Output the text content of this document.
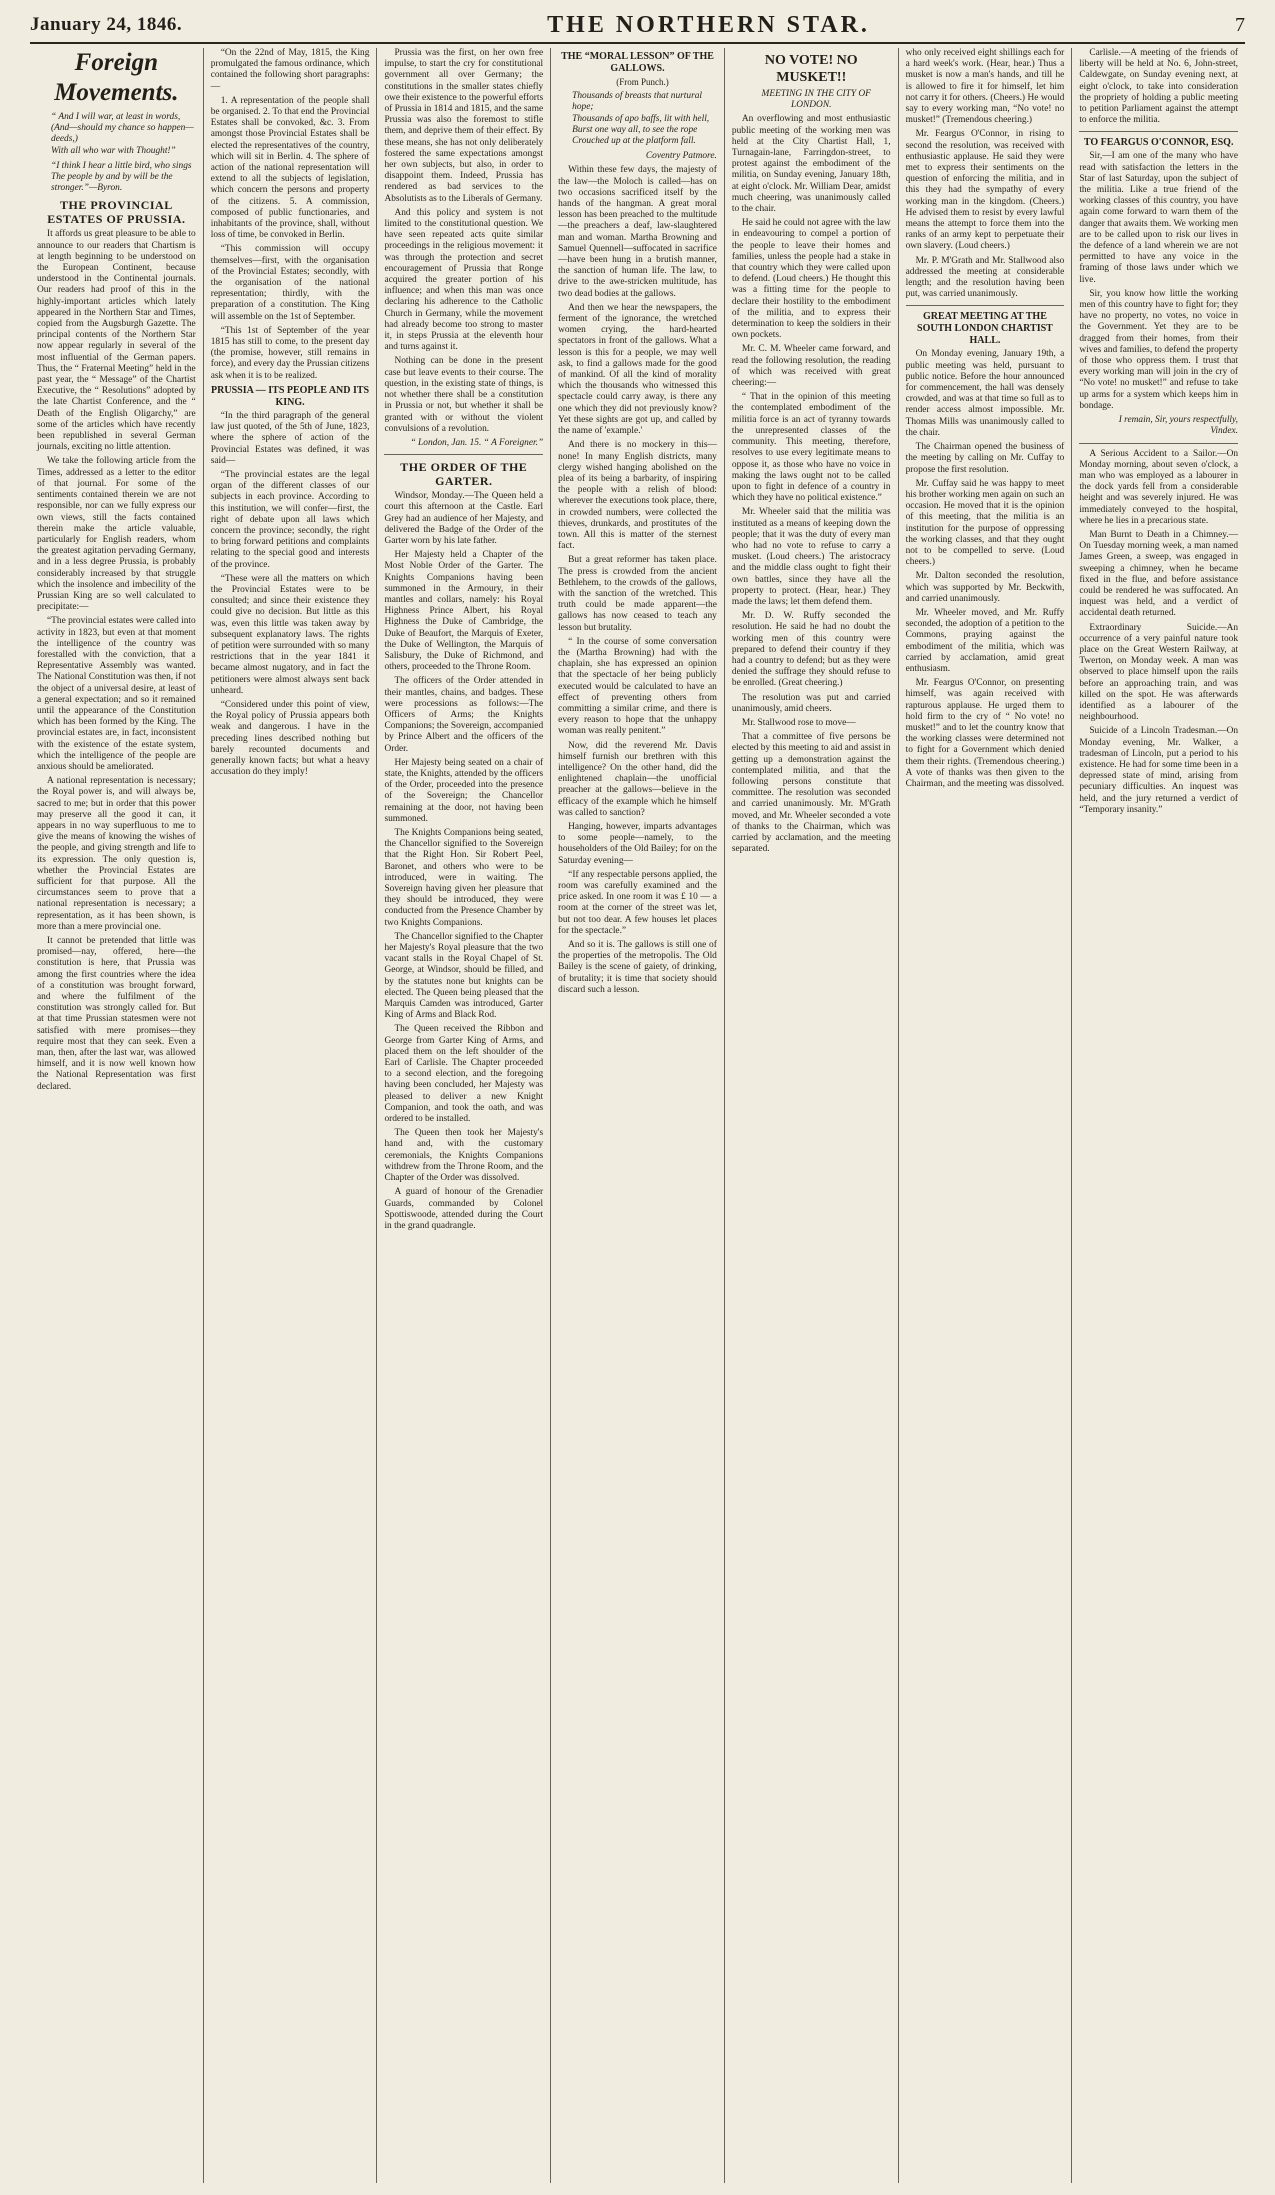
January 24, 1846.	THE NORTHERN STAR.	7
Foreign Movements.
“ And I will war, at least in words,
(And—should my chance so happen—deeds,)
With all who war with Thought!”
“I think I hear a little bird, who sings
The people by and by will be the stronger.”—Byron.
THE PROVINCIAL ESTATES OF PRUSSIA.

It affords us great pleasure to be able to announce to our readers that Chartism is at length beginning to be understood on the European Continent, because understood in the Continental journals. Our readers had proof of this in the highly-important articles which lately appeared in the Northern Star and Times, copied from the Augsburgh Gazette. The principal contents of the Northern Star now appear regularly in several of the most influential of the German papers. Thus, the “ Fraternal Meeting” held in the past year, the “ Message” of the Chartist Executive, the “ Resolutions” adopted by the late Chartist Conference, and the “ Death of the English Oligarchy,” are some of the articles which have recently been republished in several German journals, exciting no little attention.

We take the following article from the Times, addressed as a letter to the editor of that journal. For some of the sentiments contained therein we are not responsible, nor can we fully express our own views, still the facts contained therein make the article valuable, particularly for English readers, whom the greatest agitation pervading Germany, and in a less degree Prussia, is probably considerably increased by that struggle which the insolence and imbecility of the Prussian King are so well calculated to precipitate:—

“The provincial estates were called into activity in 1823, but even at that moment the intelligence of the country was forestalled with the conviction, that a Representative Assembly was wanted. The National Constitution was then, if not the object of a universal desire, at least of a general expectation; and so it remained until the appearance of the Constitution which has been formed by the King. The provincial estates are, in fact, inconsistent with the existence of the estate system, which the intelligence of the people are anxious should be ameliorated.

A national representation is necessary; the Royal power is, and will always be, sacred to me; but in order that this power may preserve all the good it can, it appears in no way superfluous to me to give the means of knowing the wishes of the people, and giving strength and life to its expression. The only question is, whether the Provincial Estates are sufficient for that purpose. All the circumstances seem to prove that a national representation is necessary; a representation, as it has been shown, is more than a mere provincial one.

It cannot be pretended that little was promised—nay, offered, here—the constitution is here, that Prussia was among the first countries where the idea of a constitution was brought forward, and where the fulfilment of the constitution was strongly called for. But at that time Prussian statesmen were not satisfied with mere promises—they require most that they can seek. Even a man, then, after the last war, was allowed himself, and it is now well known how the National Representation was first declared.

“On the 22nd of May, 1815, the King promulgated the famous ordinance, which contained the following short paragraphs:—

1. A representation of the people shall be organised. 2. To that end the Provincial Estates shall be convoked, &c. 3. From amongst those Provincial Estates shall be elected the representatives of the country, which will sit in Berlin. 4. The sphere of action of the national representation will extend to all the subjects of legislation, which concern the persons and property of the citizens. 5. A commission, composed of public functionaries, and inhabitants of the province, shall, without loss of time, be convoked in Berlin.

“This commission will occupy themselves—first, with the organisation of the Provincial Estates; secondly, with the organisation of the national representation; thirdly, with the preparation of a constitution. The King will assemble on the 1st of September.

“This 1st of September of the year 1815 has still to come, to the present day (the promise, however, still remains in force), and every day the Prussian citizens ask when it is to be realized.

PRUSSIA — ITS PEOPLE AND ITS KING.

“In the third paragraph of the general law just quoted, of the 5th of June, 1823, where the sphere of action of the Provincial Estates was defined, it was said—

“The provincial estates are the legal organ of the different classes of our subjects in each province. According to this institution, we will confer—first, the right of debate upon all laws which concern the province; secondly, the right to bring forward petitions and complaints relating to the special good and interests of the province.

“These were all the matters on which the Provincial Estates were to be consulted; and since their existence they could give no decision. But little as this was, even this little was taken away by subsequent explanatory laws. The rights of petition were surrounded with so many restrictions that in the year 1841 it became almost nugatory, and in fact the petitioners were almost always sent back unheard.

“Considered under this point of view, the Royal policy of Prussia appears both weak and dangerous. I have in the preceding lines described nothing but barely recounted documents and generally known facts; but what a heavy accusation do they imply!

Prussia was the first, on her own free impulse, to start the cry for constitutional government all over Germany; the constitutions in the smaller states chiefly owe their existence to the powerful efforts of Prussia in 1814 and 1815, and the same Prussia was also the foremost to stifle them, and deprive them of their effect. By these means, she has not only deliberately fostered the same expectations amongst her own subjects, but also, in order to disappoint them. Indeed, Prussia has rendered as bad services to the Absolutists as to the Liberals of Germany.

And this policy and system is not limited to the constitutional question. We have seen repeated acts quite similar proceedings in the religious movement: it was through the protection and secret encouragement of Prussia that Ronge acquired the greater portion of his influence; and when this man was once declaring his adherence to the Catholic Church in Germany, while the movement had already become too strong to master it, in steps Prussia at the eleventh hour and turns against it.

Nothing can be done in the present case but leave events to their course. The question, in the existing state of things, is not whether there shall be a constitution in Prussia or not, but whether it shall be granted with or without the violent convulsions of a revolution.

“ London, Jan. 15. “ A Foreigner.”

THE ORDER OF THE GARTER.

Windsor, Monday.—The Queen held a court this afternoon at the Castle. Earl Grey had an audience of her Majesty, and delivered the Badge of the Order of the Garter worn by his late father.

Her Majesty held a Chapter of the Most Noble Order of the Garter. The Knights Companions having been summoned in the Armoury, in their mantles and collars, namely: his Royal Highness Prince Albert, his Royal Highness the Duke of Cambridge, the Duke of Beaufort, the Marquis of Exeter, the Duke of Wellington, the Marquis of Salisbury, the Duke of Richmond, and others, proceeded to the Throne Room.

The officers of the Order attended in their mantles, chains, and badges. These were processions as follows:—The Officers of Arms; the Knights Companions; the Sovereign, accompanied by Prince Albert and the officers of the Order.

Her Majesty being seated on a chair of state, the Knights, attended by the officers of the Order, proceeded into the presence of the Sovereign; the Chancellor remaining at the door, not having been summoned.

The Knights Companions being seated, the Chancellor signified to the Sovereign that the Right Hon. Sir Robert Peel, Baronet, and others who were to be introduced, were in waiting. The Sovereign having given her pleasure that they should be introduced, they were conducted from the Presence Chamber by two Knights Companions.

The Chancellor signified to the Chapter her Majesty's Royal pleasure that the two vacant stalls in the Royal Chapel of St. George, at Windsor, should be filled, and by the statutes none but knights can be elected. The Queen being pleased that the Marquis Camden was introduced, Garter King of Arms and Black Rod.

The Queen received the Ribbon and George from Garter King of Arms, and placed them on the left shoulder of the Earl of Carlisle. The Chapter proceeded to a second election, and the foregoing having been concluded, her Majesty was pleased to deliver a new Knight Companion, and took the oath, and was ordered to be installed.

The Queen then took her Majesty's hand and, with the customary ceremonials, the Knights Companions withdrew from the Throne Room, and the Chapter of the Order was dissolved.

A guard of honour of the Grenadier Guards, commanded by Colonel Spottiswoode, attended during the Court in the grand quadrangle.

THE “MORAL LESSON” OF THE GALLOWS.

(From Punch.)

Thousands of breasts that nurtural hope;
Thousands of apo baffs, lit with hell,
Burst one way all, to see the rope
Crouched up at the platform fall.

Coventry Patmore.

Within these few days, the majesty of the law—the Moloch is called—has on two occasions sacrificed itself by the hands of the hangman. A great moral lesson has been preached to the multitude—the preachers a deaf, law-slaughtered man and woman. Martha Browning and Samuel Quennell—suffocated in sacrifice—have been hung in a brutish manner, the sanction of human life. The law, to drive to the awe-stricken multitude, has two dead bodies at the gallows.

And then we hear the newspapers, the ferment of the ignorance, the wretched women crying, the hard-hearted spectators in front of the gallows. What a lesson is this for a people, we may well ask, to find a gallows made for the good of mankind. Of all the kind of morality which the thousands who witnessed this spectacle could carry away, is there any one which they did not previously know? Yet these sights are got up, and called by the name of 'example.'

And there is no mockery in this—none! In many English districts, many clergy wished hanging abolished on the plea of its being a barbarity, of inspiring the people with a relish of blood: wherever the executions took place, there, in crowded numbers, were collected the thieves, drunkards, and prostitutes of the town. All this is matter of the sternest fact.

But a great reformer has taken place. The press is crowded from the ancient Bethlehem, to the crowds of the gallows, with the sanction of the wretched. This truth could be made apparent—the gallows has now ceased to teach any lesson but brutality.

“ In the course of some conversation the (Martha Browning) had with the chaplain, she has expressed an opinion that the spectacle of her being publicly executed would be calculated to have an effect of preventing others from committing a similar crime, and there is every reason to hope that the unhappy woman was really penitent.”

Now, did the reverend Mr. Davis himself furnish our brethren with this intelligence? On the other hand, did the enlightened chaplain—the unofficial preacher at the gallows—believe in the efficacy of the example which he himself was called to sanction?

Hanging, however, imparts advantages to some people—namely, to the householders of the Old Bailey; for on the Saturday evening—

“If any respectable persons applied, the room was carefully examined and the price asked. In one room it was £ 10 — a room at the corner of the street was let, but not too dear. A few houses let places for the spectacle.”

And so it is. The gallows is still one of the properties of the metropolis. The Old Bailey is the scene of gaiety, of drinking, of brutality; it is time that society should discard such a lesson.

NO VOTE! NO MUSKET!!

MEETING IN THE CITY OF LONDON.

An overflowing and most enthusiastic public meeting of the working men was held at the City Chartist Hall, 1, Turnagain-lane, Farringdon-street, to protest against the embodiment of the militia, on Sunday evening, January 18th, at eight o'clock. Mr. William Dear, amidst much cheering, was unanimously called to the chair.

He said he could not agree with the law in endeavouring to compel a portion of the people to leave their homes and families, unless the people had a stake in that country which they were called upon to defend. (Loud cheers.) He thought this was a fitting time for the people to declare their hostility to the embodiment of the militia, and to express their determination to keep the soldiers in their own pockets.

Mr. C. M. Wheeler came forward, and read the following resolution, the reading of which was received with great cheering:—

“ That in the opinion of this meeting the contemplated embodiment of the militia force is an act of tyranny towards the unrepresented classes of the community. This meeting, therefore, resolves to use every legitimate means to oppose it, as those who have no voice in making the laws ought not to be called upon to fight in defence of a country in which they have no political existence.”

Mr. Wheeler said that the militia was instituted as a means of keeping down the people; that it was the duty of every man who had no vote to refuse to carry a musket. (Loud cheers.) The aristocracy and the middle class ought to fight their own battles, since they have all the property to protect. (Hear, hear.) They made the laws; let them defend them.

Mr. D. W. Ruffy seconded the resolution. He said he had no doubt the working men of this country were prepared to defend their country if they had a country to defend; but as they were denied the suffrage they should refuse to be enrolled. (Great cheering.)

The resolution was put and carried unanimously, amid cheers.

Mr. Stallwood rose to move—

That a committee of five persons be elected by this meeting to aid and assist in getting up a demonstration against the contemplated militia, and that the following persons constitute that committee. The resolution was seconded and carried unanimously. Mr. M'Grath moved, and Mr. Wheeler seconded a vote of thanks to the Chairman, which was carried by acclamation, and the meeting separated.

who only received eight shillings each for a hard week's work. (Hear, hear.) Thus a musket is now a man's hands, and till he is allowed to fire it for himself, let him not carry it for others. (Cheers.) He would say to every working man, “No vote! no musket!” (Tremendous cheering.)

Mr. Feargus O'Connor, in rising to second the resolution, was received with enthusiastic applause. He said they were met to express their sentiments on the question of enforcing the militia, and in this they had the sympathy of every working man in the kingdom. (Cheers.) He advised them to resist by every lawful means the attempt to force them into the ranks of an army kept to perpetuate their own slavery. (Loud cheers.)

Mr. P. M'Grath and Mr. Stallwood also addressed the meeting at considerable length; and the resolution having been put, was carried unanimously.

GREAT MEETING AT THE SOUTH LONDON CHARTIST HALL.

On Monday evening, January 19th, a public meeting was held, pursuant to public notice. Before the hour announced for commencement, the hall was densely crowded, and was at that time so full as to render access almost impossible. Mr. Thomas Mills was unanimously called to the chair.

The Chairman opened the business of the meeting by calling on Mr. Cuffay to propose the first resolution.

Mr. Cuffay said he was happy to meet his brother working men again on such an occasion. He moved that it is the opinion of this meeting, that the militia is an institution for the purpose of oppressing the working classes, and that they ought not to be compelled to serve. (Loud cheers.)

Mr. Dalton seconded the resolution, which was supported by Mr. Beckwith, and carried unanimously.

Mr. Wheeler moved, and Mr. Ruffy seconded, the adoption of a petition to the Commons, praying against the embodiment of the militia, which was carried by acclamation, amid great enthusiasm.

Mr. Feargus O'Connor, on presenting himself, was again received with rapturous applause. He urged them to hold firm to the cry of “ No vote! no musket!” and to let the country know that the working classes were determined not to fight for a Government which denied them their rights. (Tremendous cheering.) A vote of thanks was then given to the Chairman, and the meeting was dissolved.

Carlisle.—A meeting of the friends of liberty will be held at No. 6, John-street, Caldewgate, on Sunday evening next, at eight o'clock, to take into consideration the propriety of holding a public meeting to petition Parliament against the attempt to enforce the militia.

TO FEARGUS O'CONNOR, ESQ.

Sir,—I am one of the many who have read with satisfaction the letters in the Star of last Saturday, upon the subject of the militia. Like a true friend of the working classes of this country, you have again come forward to warn them of the danger that awaits them. We working men are to be called upon to risk our lives in the defence of a land wherein we are not permitted to have any voice in the framing of those laws under which we live.

Sir, you know how little the working men of this country have to fight for; they have no property, no votes, no voice in the Government. Yet they are to be dragged from their homes, from their wives and families, to defend the property of those who oppress them. I trust that every working man will join in the cry of “No vote! no musket!” and refuse to take up arms for a system which keeps him in bondage.

I remain, Sir, yours respectfully, Vindex.

A Serious Accident to a Sailor.—On Monday morning, about seven o'clock, a man who was employed as a labourer in the dock yards fell from a considerable height and was severely injured. He was immediately conveyed to the hospital, where he lies in a precarious state.

Man Burnt to Death in a Chimney.—On Tuesday morning week, a man named James Green, a sweep, was engaged in sweeping a chimney, when he became fixed in the flue, and before assistance could be rendered he was suffocated. An inquest was held, and a verdict of accidental death returned.

Extraordinary Suicide.—An occurrence of a very painful nature took place on the Great Western Railway, at Twerton, on Monday week. A man was observed to place himself upon the rails before an approaching train, and was killed on the spot. He was afterwards identified as a labourer of the neighbourhood.

Suicide of a Lincoln Tradesman.—On Monday evening, Mr. Walker, a tradesman of Lincoln, put a period to his existence. He had for some time been in a depressed state of mind, arising from pecuniary difficulties. An inquest was held, and the jury returned a verdict of “Temporary insanity.”
